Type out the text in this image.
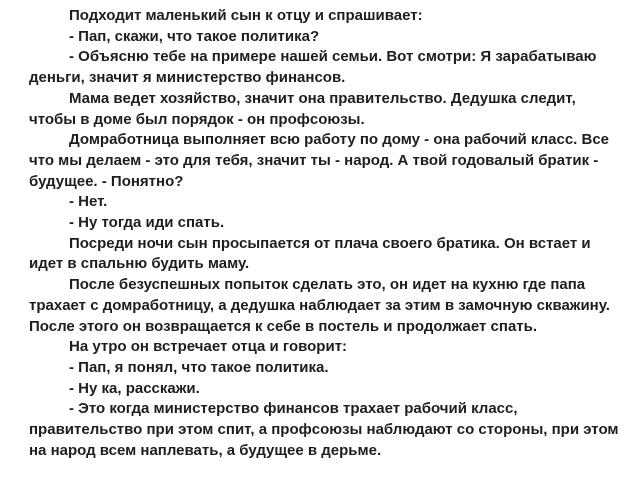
Подходит маленький сын к отцу и спрашивает:

- Пап, скажи, что такое политика?

- Объясню тебе на примере нашей семьи. Вот смотри: Я зарабатываю деньги, значит я министерство финансов.

Мама ведет хозяйство, значит она правительство. Дедушка следит, чтобы в доме был порядок - он профсоюзы.

Домработница выполняет всю работу по дому - она рабочий класс. Все что мы делаем - это для тебя, значит ты - народ. А твой годовалый братик - будущее. - Понятно?

- Нет.

- Ну тогда иди спать.

Посреди ночи сын просыпается от плача своего братика. Он встает и идет в спальню будить маму.

После безуспешных попыток сделать это, он идет на кухню где папа трахает с домработницу, а дедушка наблюдает за этим в замочную скважину. После этого он возвращается к себе в постель и продолжает спать.

На утро он встречает отца и говорит:

- Пап, я понял, что такое политика.

- Ну ка, расскажи.

- Это когда министерство финансов трахает рабочий класс, правительство при этом спит, а профсоюзы наблюдают со стороны, при этом на народ всем наплевать, а будущее в дерьме.
